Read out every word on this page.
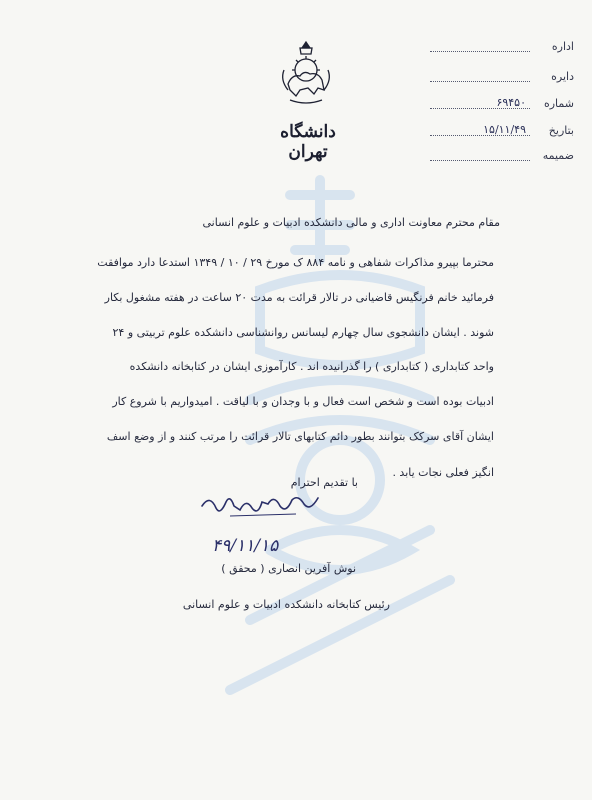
دانشگاه تهران
اداره
دایره
شماره
۶۹۴۵۰
بتاریخ
۱۵/۱۱/۴۹
ضمیمه
مقام محترم معاونت اداری و مالی دانشکده ادبیات و علوم انسانی
محترما بپیرو مذاکرات شفاهی و نامه ۸۸۴ ک مورخ ۲۹ / ۱۰ / ۱۳۴۹ استدعا دارد موافقت
فرمائید خانم فرنگیس قاضیانی در تالار قرائت به مدت ۲۰ ساعت در هفته مشغول بکار
شوند . ایشان دانشجوی سال چهارم لیسانس روانشناسی دانشکده علوم تربیتی و ۲۴
واحد کتابداری ( کتابداری ) را گذرانیده اند . کارآموزی ایشان در کتابخانه دانشکده
ادبیات بوده است و شخص است فعال و با وجدان و با لیاقت . امیدواریم با شروع کار
ایشان آقای سرکک بتوانند بطور دائم کتابهای تالار قرائت را مرتب کنند و از وضع اسف
انگیز فعلی نجات یابد .
با تقدیم احترام
۴۹/۱۱/۱۵
نوش آفرین انصاری ( محقق )
رئیس کتابخانه دانشکده ادبیات و علوم انسانی
